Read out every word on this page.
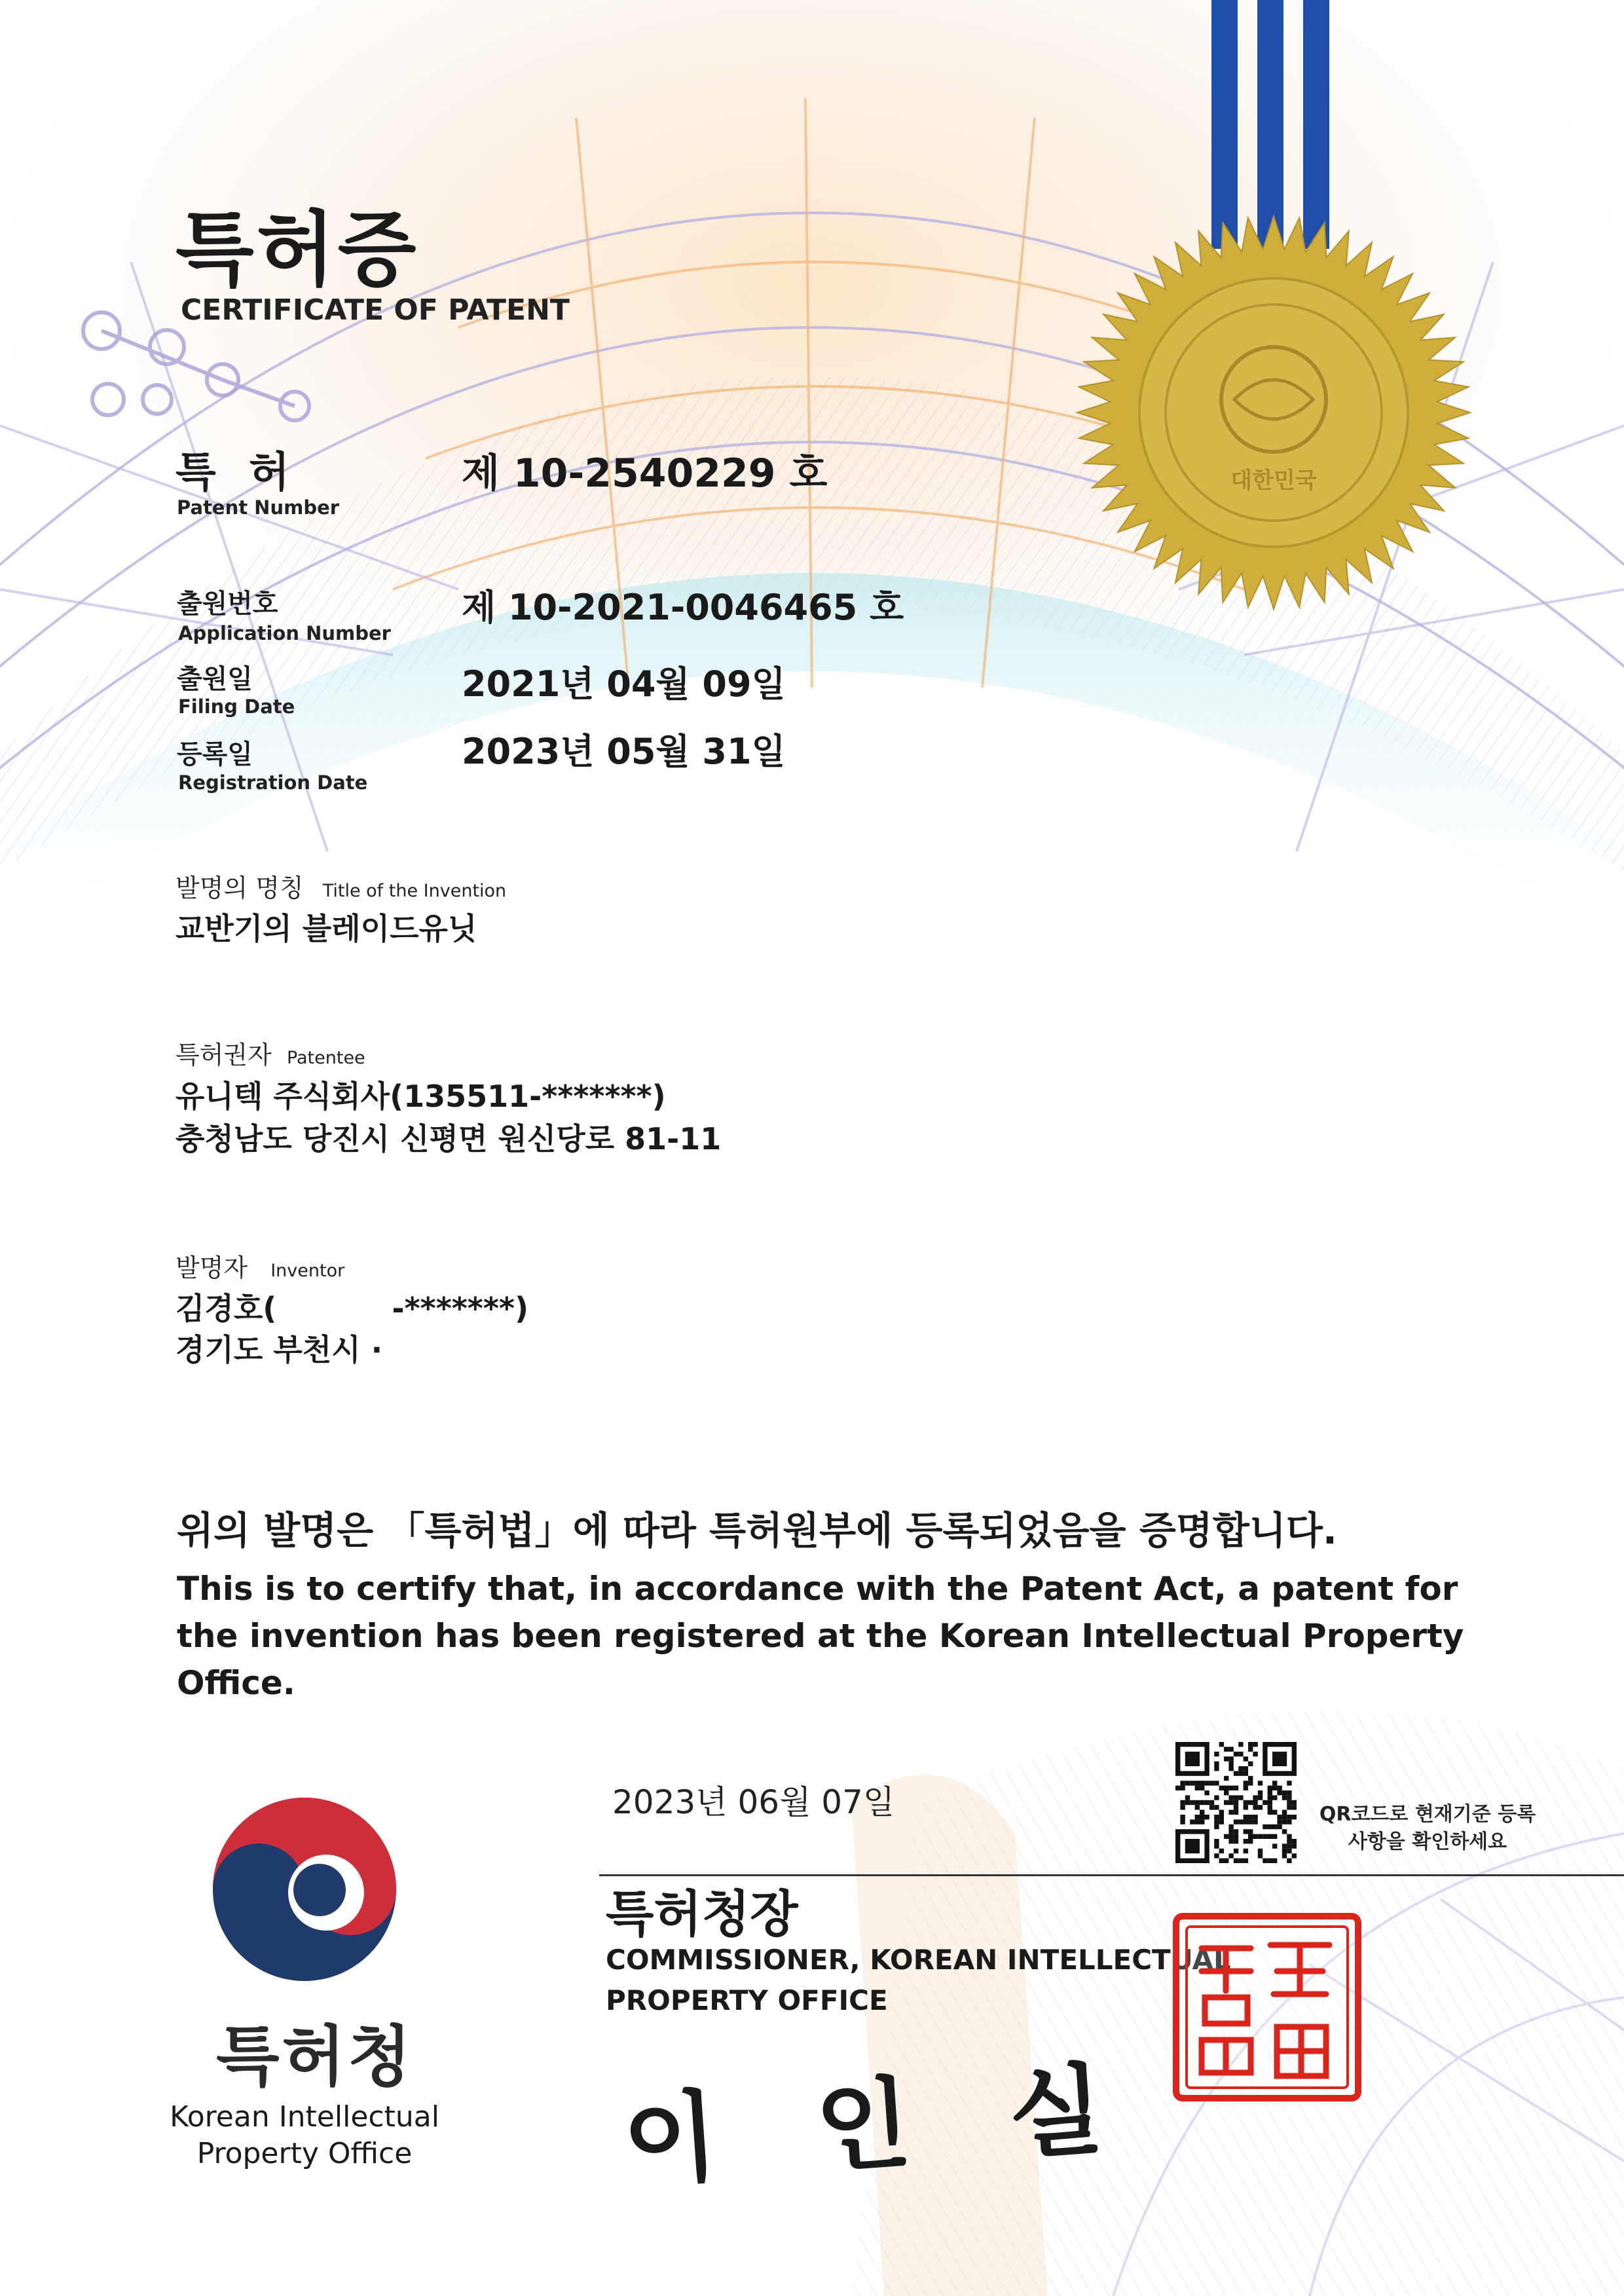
대한민국
특허증
CERTIFICATE OF PATENT
특 허
Patent Number
제 10-2540229 호
출원번호
Application Number
제 10-2021-0046465 호
출원일
Filing Date
2021년 04월 09일
등록일
Registration Date
2023년 05월 31일
발명의 명칭 Title of the Invention
교반기의 블레이드유닛
특허권자 Patentee
유니텍 주식회사(135511-*******)
충청남도 당진시 신평면 원신당로 81-11
발명자 Inventor
김경호(           -*******)
경기도 부천시 ·
위의 발명은 「특허법」에 따라 특허원부에 등록되었음을 증명합니다.
This is to certify that, in accordance with the Patent Act, a patent for the invention has been registered at the Korean Intellectual Property Office.
특허청
Korean Intellectual Property Office
2023년 06월 07일	QR코드로 현재기준 등록사항을 확인하세요
특허청장
COMMISSIONER, KOREAN INTELLECTUAL PROPERTY OFFICE
이인실	특허청장인
